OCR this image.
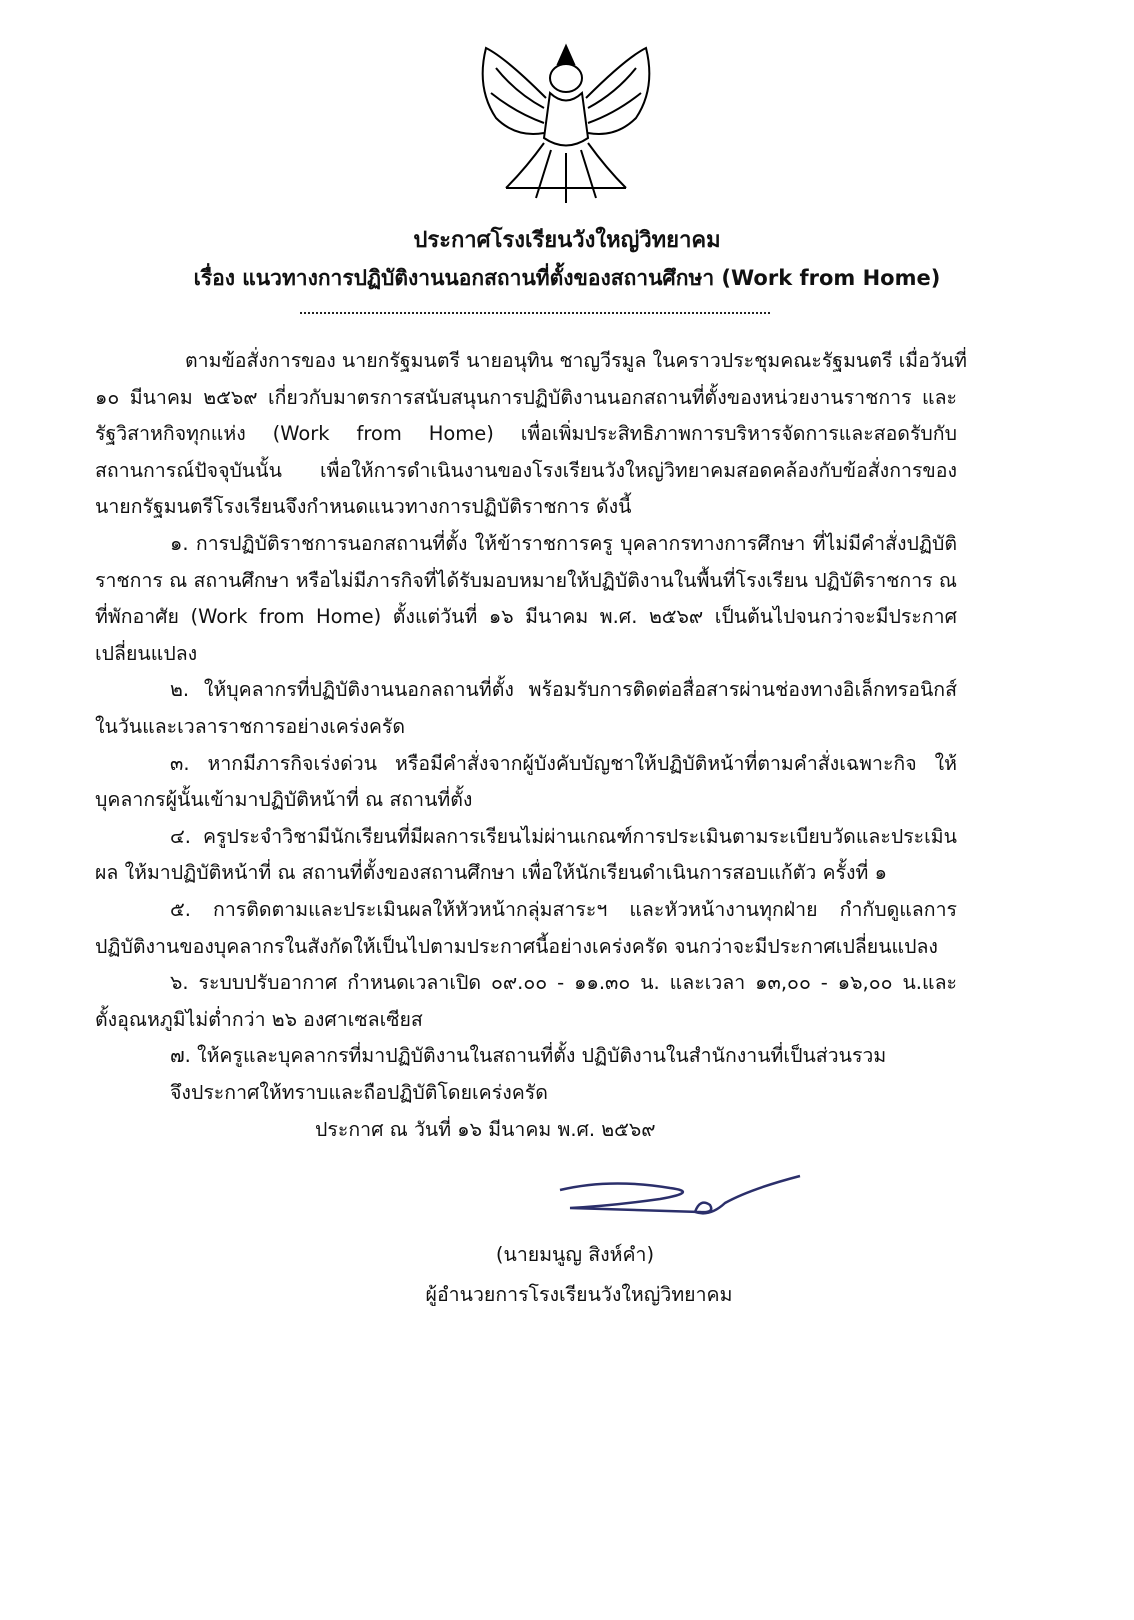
ประกาศโรงเรียนวังใหญ่วิทยาคม
เรื่อง แนวทางการปฏิบัติงานนอกสถานที่ตั้งของสถานศึกษา (Work from Home)
ตามข้อสั่งการของ นายกรัฐมนตรี นายอนุทิน ชาญวีรมูล ในคราวประชุมคณะรัฐมนตรี เมื่อวันที่
๑๐ มีนาคม ๒๕๖๙ เกี่ยวกับมาตรการสนับสนุนการปฏิบัติงานนอกสถานที่ตั้งของหน่วยงานราชการ และ
รัฐวิสาหกิจทุกแห่ง (Work from Home) เพื่อเพิ่มประสิทธิภาพการบริหารจัดการและสอดรับกับ
สถานการณ์ปัจจุบันนั้น เพื่อให้การดำเนินงานของโรงเรียนวังใหญ่วิทยาคมสอดคล้องกับข้อสั่งการของ
นายกรัฐมนตรีโรงเรียนจึงกำหนดแนวทางการปฏิบัติราชการ ดังนี้
๑. การปฏิบัติราชการนอกสถานที่ตั้ง ให้ข้าราชการครู บุคลากรทางการศึกษา ที่ไม่มีคำสั่งปฏิบัติ
ราชการ ณ สถานศึกษา หรือไม่มีภารกิจที่ได้รับมอบหมายให้ปฏิบัติงานในพื้นที่โรงเรียน ปฏิบัติราชการ ณ
ที่พักอาศัย (Work from Home) ตั้งแต่วันที่ ๑๖ มีนาคม พ.ศ. ๒๕๖๙ เป็นต้นไปจนกว่าจะมีประกาศ
เปลี่ยนแปลง
๒. ให้บุคลากรที่ปฏิบัติงานนอกลถานที่ตั้ง พร้อมรับการติดต่อสื่อสารผ่านช่องทางอิเล็กทรอนิกส์
ในวันและเวลาราชการอย่างเคร่งครัด
๓. หากมีภารกิจเร่งด่วน หรือมีคำสั่งจากผู้บังคับบัญชาให้ปฏิบัติหน้าที่ตามคำสั่งเฉพาะกิจ ให้
บุคลากรผู้นั้นเข้ามาปฏิบัติหน้าที่ ณ สถานที่ตั้ง
๔. ครูประจำวิชามีนักเรียนที่มีผลการเรียนไม่ผ่านเกณฑ์การประเมินตามระเบียบวัดและประเมิน
ผล ให้มาปฏิบัติหน้าที่ ณ สถานที่ตั้งของสถานศึกษา เพื่อให้นักเรียนดำเนินการสอบแก้ตัว ครั้งที่ ๑
๕. การติดตามและประเมินผลให้หัวหน้ากลุ่มสาระฯ และหัวหน้างานทุกฝ่าย กำกับดูแลการ
ปฏิบัติงานของบุคลากรในสังกัดให้เป็นไปตามประกาศนี้อย่างเคร่งครัด จนกว่าจะมีประกาศเปลี่ยนแปลง
๖. ระบบปรับอากาศ กำหนดเวลาเปิด ๐๙.๐๐ - ๑๑.๓๐ น. และเวลา ๑๓,๐๐ - ๑๖,๐๐ น.และ
ตั้งอุณหภูมิไม่ต่ำกว่า ๒๖ องศาเซลเซียส
๗. ให้ครูและบุคลากรที่มาปฏิบัติงานในสถานที่ตั้ง ปฏิบัติงานในสำนักงานที่เป็นส่วนรวม
จึงประกาศให้ทราบและถือปฏิบัติโดยเคร่งครัด
ประกาศ ณ วันที่ ๑๖ มีนาคม พ.ศ. ๒๕๖๙
(นายมนูญ สิงห์คำ)
ผู้อำนวยการโรงเรียนวังใหญ่วิทยาคม
